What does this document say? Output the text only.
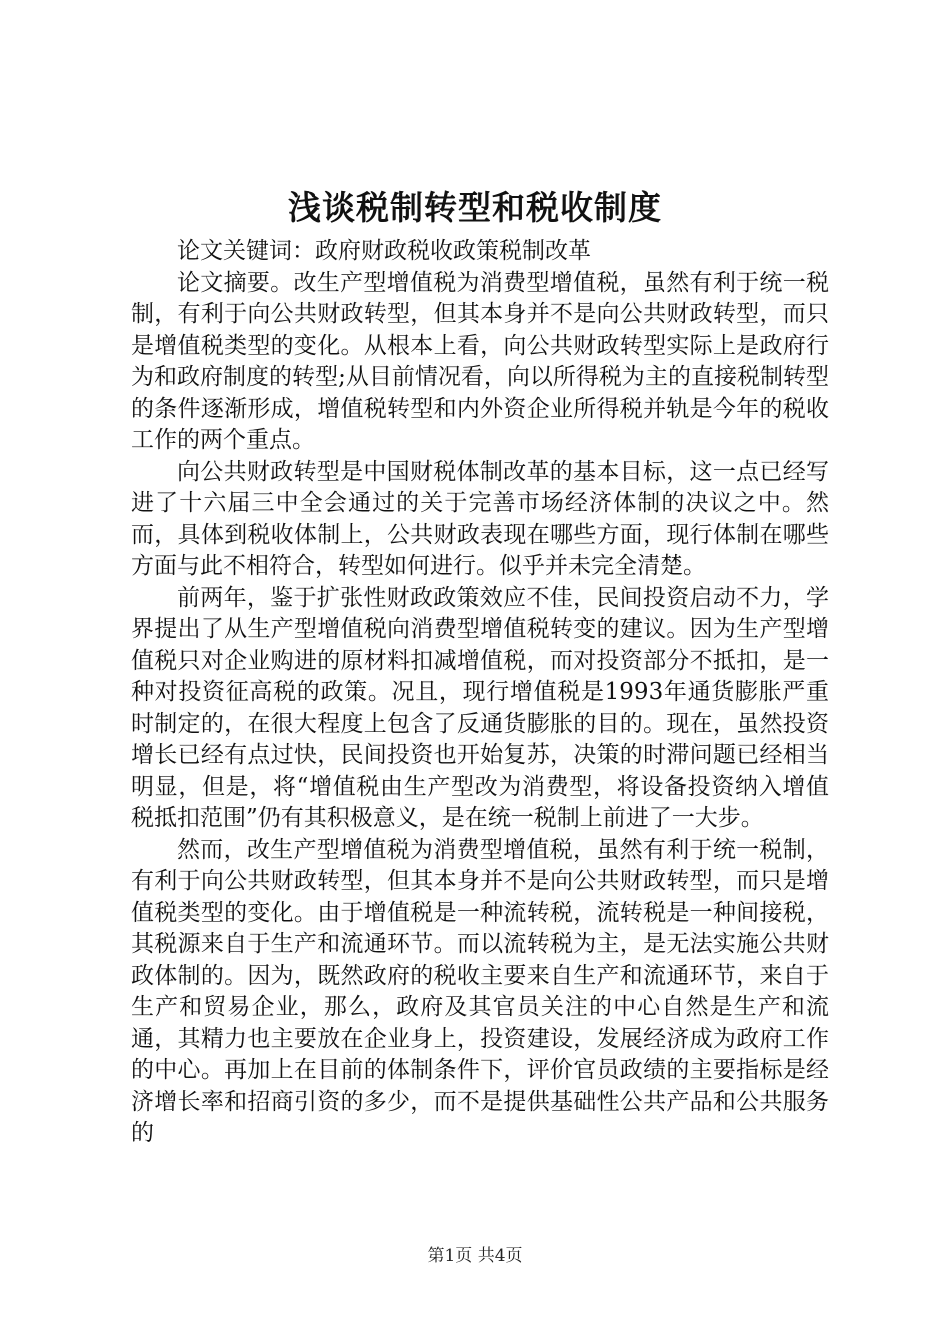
浅谈税制转型和税收制度

论文关键词：政府财政税收政策税制改革

论文摘要。改生产型增值税为消费型增值税，虽然有利于统一税制，有利于向公共财政转型，但其本身并不是向公共财政转型，而只是增值税类型的变化。从根本上看，向公共财政转型实际上是政府行为和政府制度的转型;从目前情况看，向以所得税为主的直接税制转型的条件逐渐形成，增值税转型和内外资企业所得税并轨是今年的税收工作的两个重点。

向公共财政转型是中国财税体制改革的基本目标，这一点已经写进了十六届三中全会通过的关于完善市场经济体制的决议之中。然而，具体到税收体制上，公共财政表现在哪些方面，现行体制在哪些方面与此不相符合，转型如何进行。似乎并未完全清楚。

前两年，鉴于扩张性财政政策效应不佳，民间投资启动不力，学界提出了从生产型增值税向消费型增值税转变的建议。因为生产型增值税只对企业购进的原材料扣减增值税，而对投资部分不抵扣，是一种对投资征高税的政策。况且，现行增值税是1993年通货膨胀严重时制定的，在很大程度上包含了反通货膨胀的目的。现在，虽然投资增长已经有点过快，民间投资也开始复苏，决策的时滞问题已经相当明显，但是，将“增值税由生产型改为消费型，将设备投资纳入增值税抵扣范围”仍有其积极意义，是在统一税制上前进了一大步。

然而，改生产型增值税为消费型增值税，虽然有利于统一税制，有利于向公共财政转型，但其本身并不是向公共财政转型，而只是增值税类型的变化。由于增值税是一种流转税，流转税是一种间接税，其税源来自于生产和流通环节。而以流转税为主，是无法实施公共财政体制的。因为，既然政府的税收主要来自生产和流通环节，来自于生产和贸易企业，那么，政府及其官员关注的中心自然是生产和流通，其精力也主要放在企业身上，投资建设，发展经济成为政府工作的中心。再加上在目前的体制条件下，评价官员政绩的主要指标是经济增长率和招商引资的多少，而不是提供基础性公共产品和公共服务的

第1页 共4页
